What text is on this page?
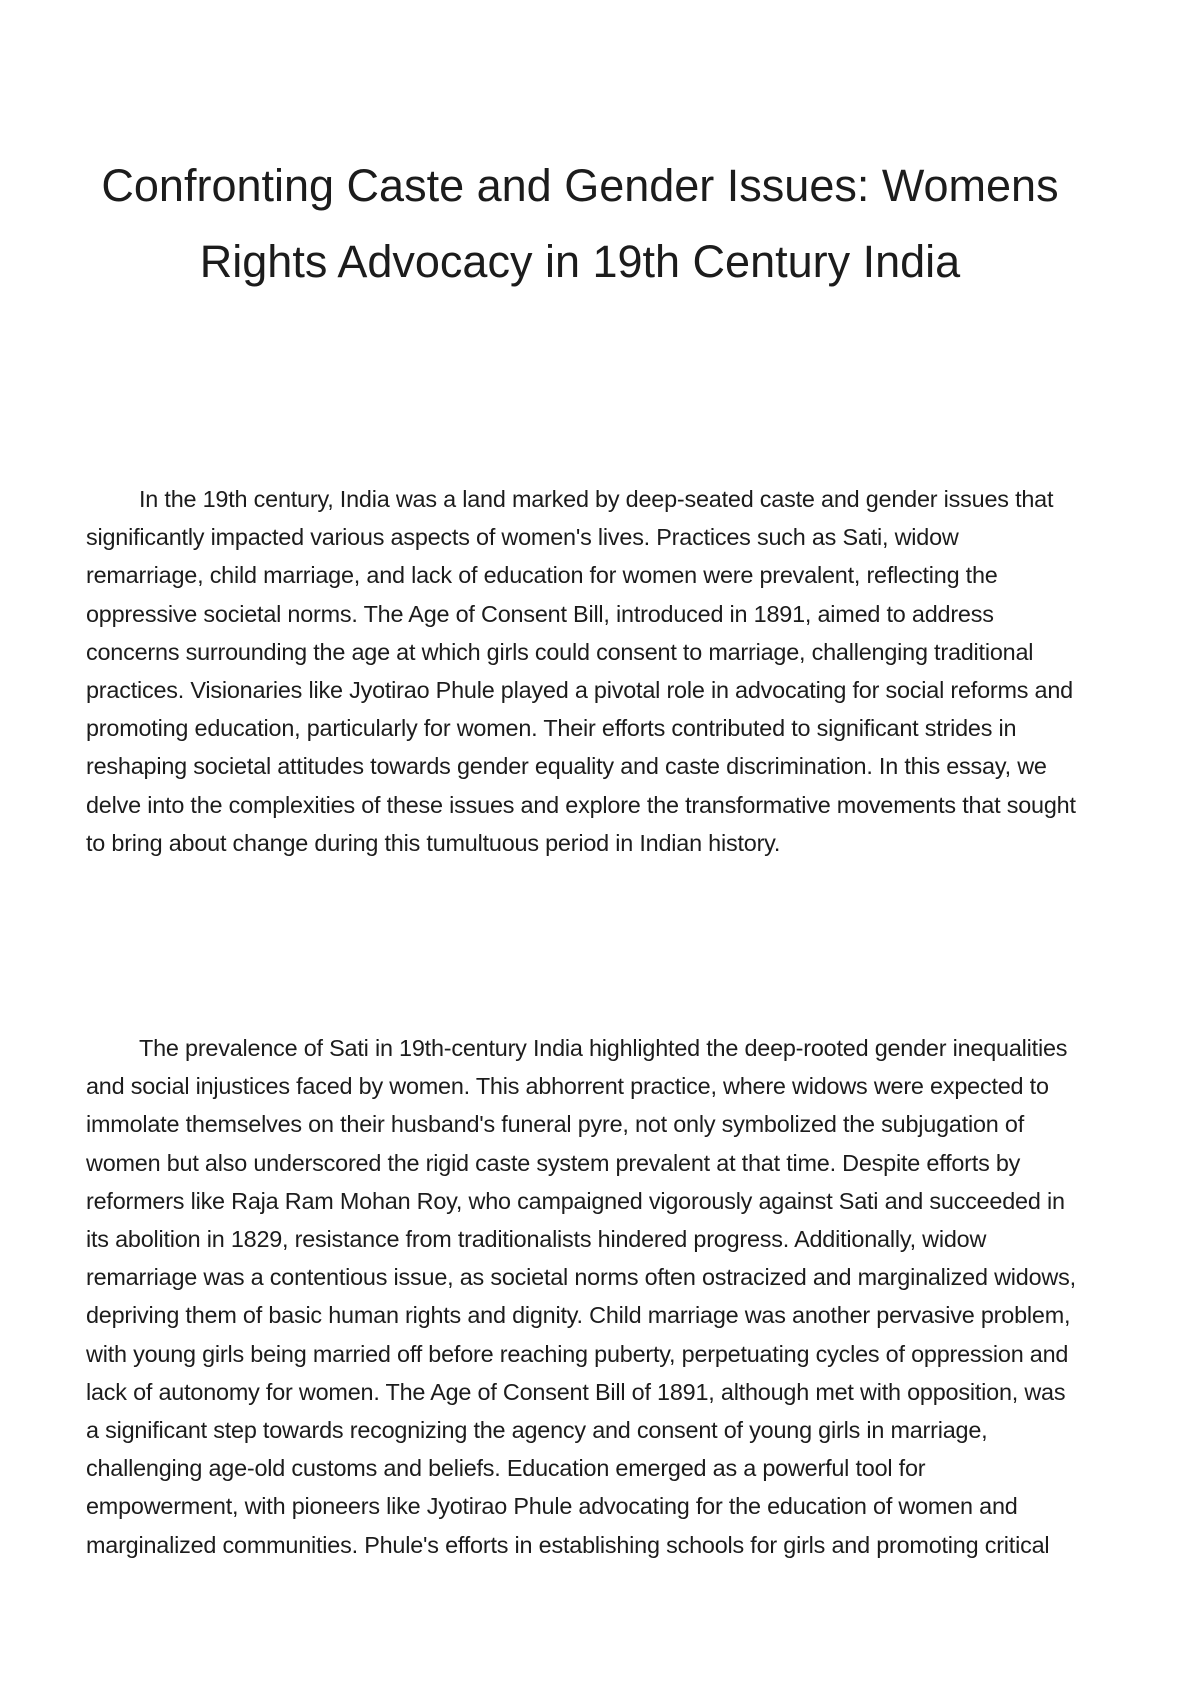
Confronting Caste and Gender Issues: Womens Rights Advocacy in 19th Century India

In the 19th century, India was a land marked by deep-seated caste and gender issues that significantly impacted various aspects of women's lives. Practices such as Sati, widow remarriage, child marriage, and lack of education for women were prevalent, reflecting the oppressive societal norms. The Age of Consent Bill, introduced in 1891, aimed to address concerns surrounding the age at which girls could consent to marriage, challenging traditional practices. Visionaries like Jyotirao Phule played a pivotal role in advocating for social reforms and promoting education, particularly for women. Their efforts contributed to significant strides in reshaping societal attitudes towards gender equality and caste discrimination. In this essay, we delve into the complexities of these issues and explore the transformative movements that sought to bring about change during this tumultuous period in Indian history.

The prevalence of Sati in 19th-century India highlighted the deep-rooted gender inequalities and social injustices faced by women. This abhorrent practice, where widows were expected to immolate themselves on their husband's funeral pyre, not only symbolized the subjugation of women but also underscored the rigid caste system prevalent at that time. Despite efforts by reformers like Raja Ram Mohan Roy, who campaigned vigorously against Sati and succeeded in its abolition in 1829, resistance from traditionalists hindered progress. Additionally, widow remarriage was a contentious issue, as societal norms often ostracized and marginalized widows, depriving them of basic human rights and dignity. Child marriage was another pervasive problem, with young girls being married off before reaching puberty, perpetuating cycles of oppression and lack of autonomy for women. The Age of Consent Bill of 1891, although met with opposition, was a significant step towards recognizing the agency and consent of young girls in marriage, challenging age-old customs and beliefs. Education emerged as a powerful tool for empowerment, with pioneers like Jyotirao Phule advocating for the education of women and marginalized communities. Phule's efforts in establishing schools for girls and promoting critical
